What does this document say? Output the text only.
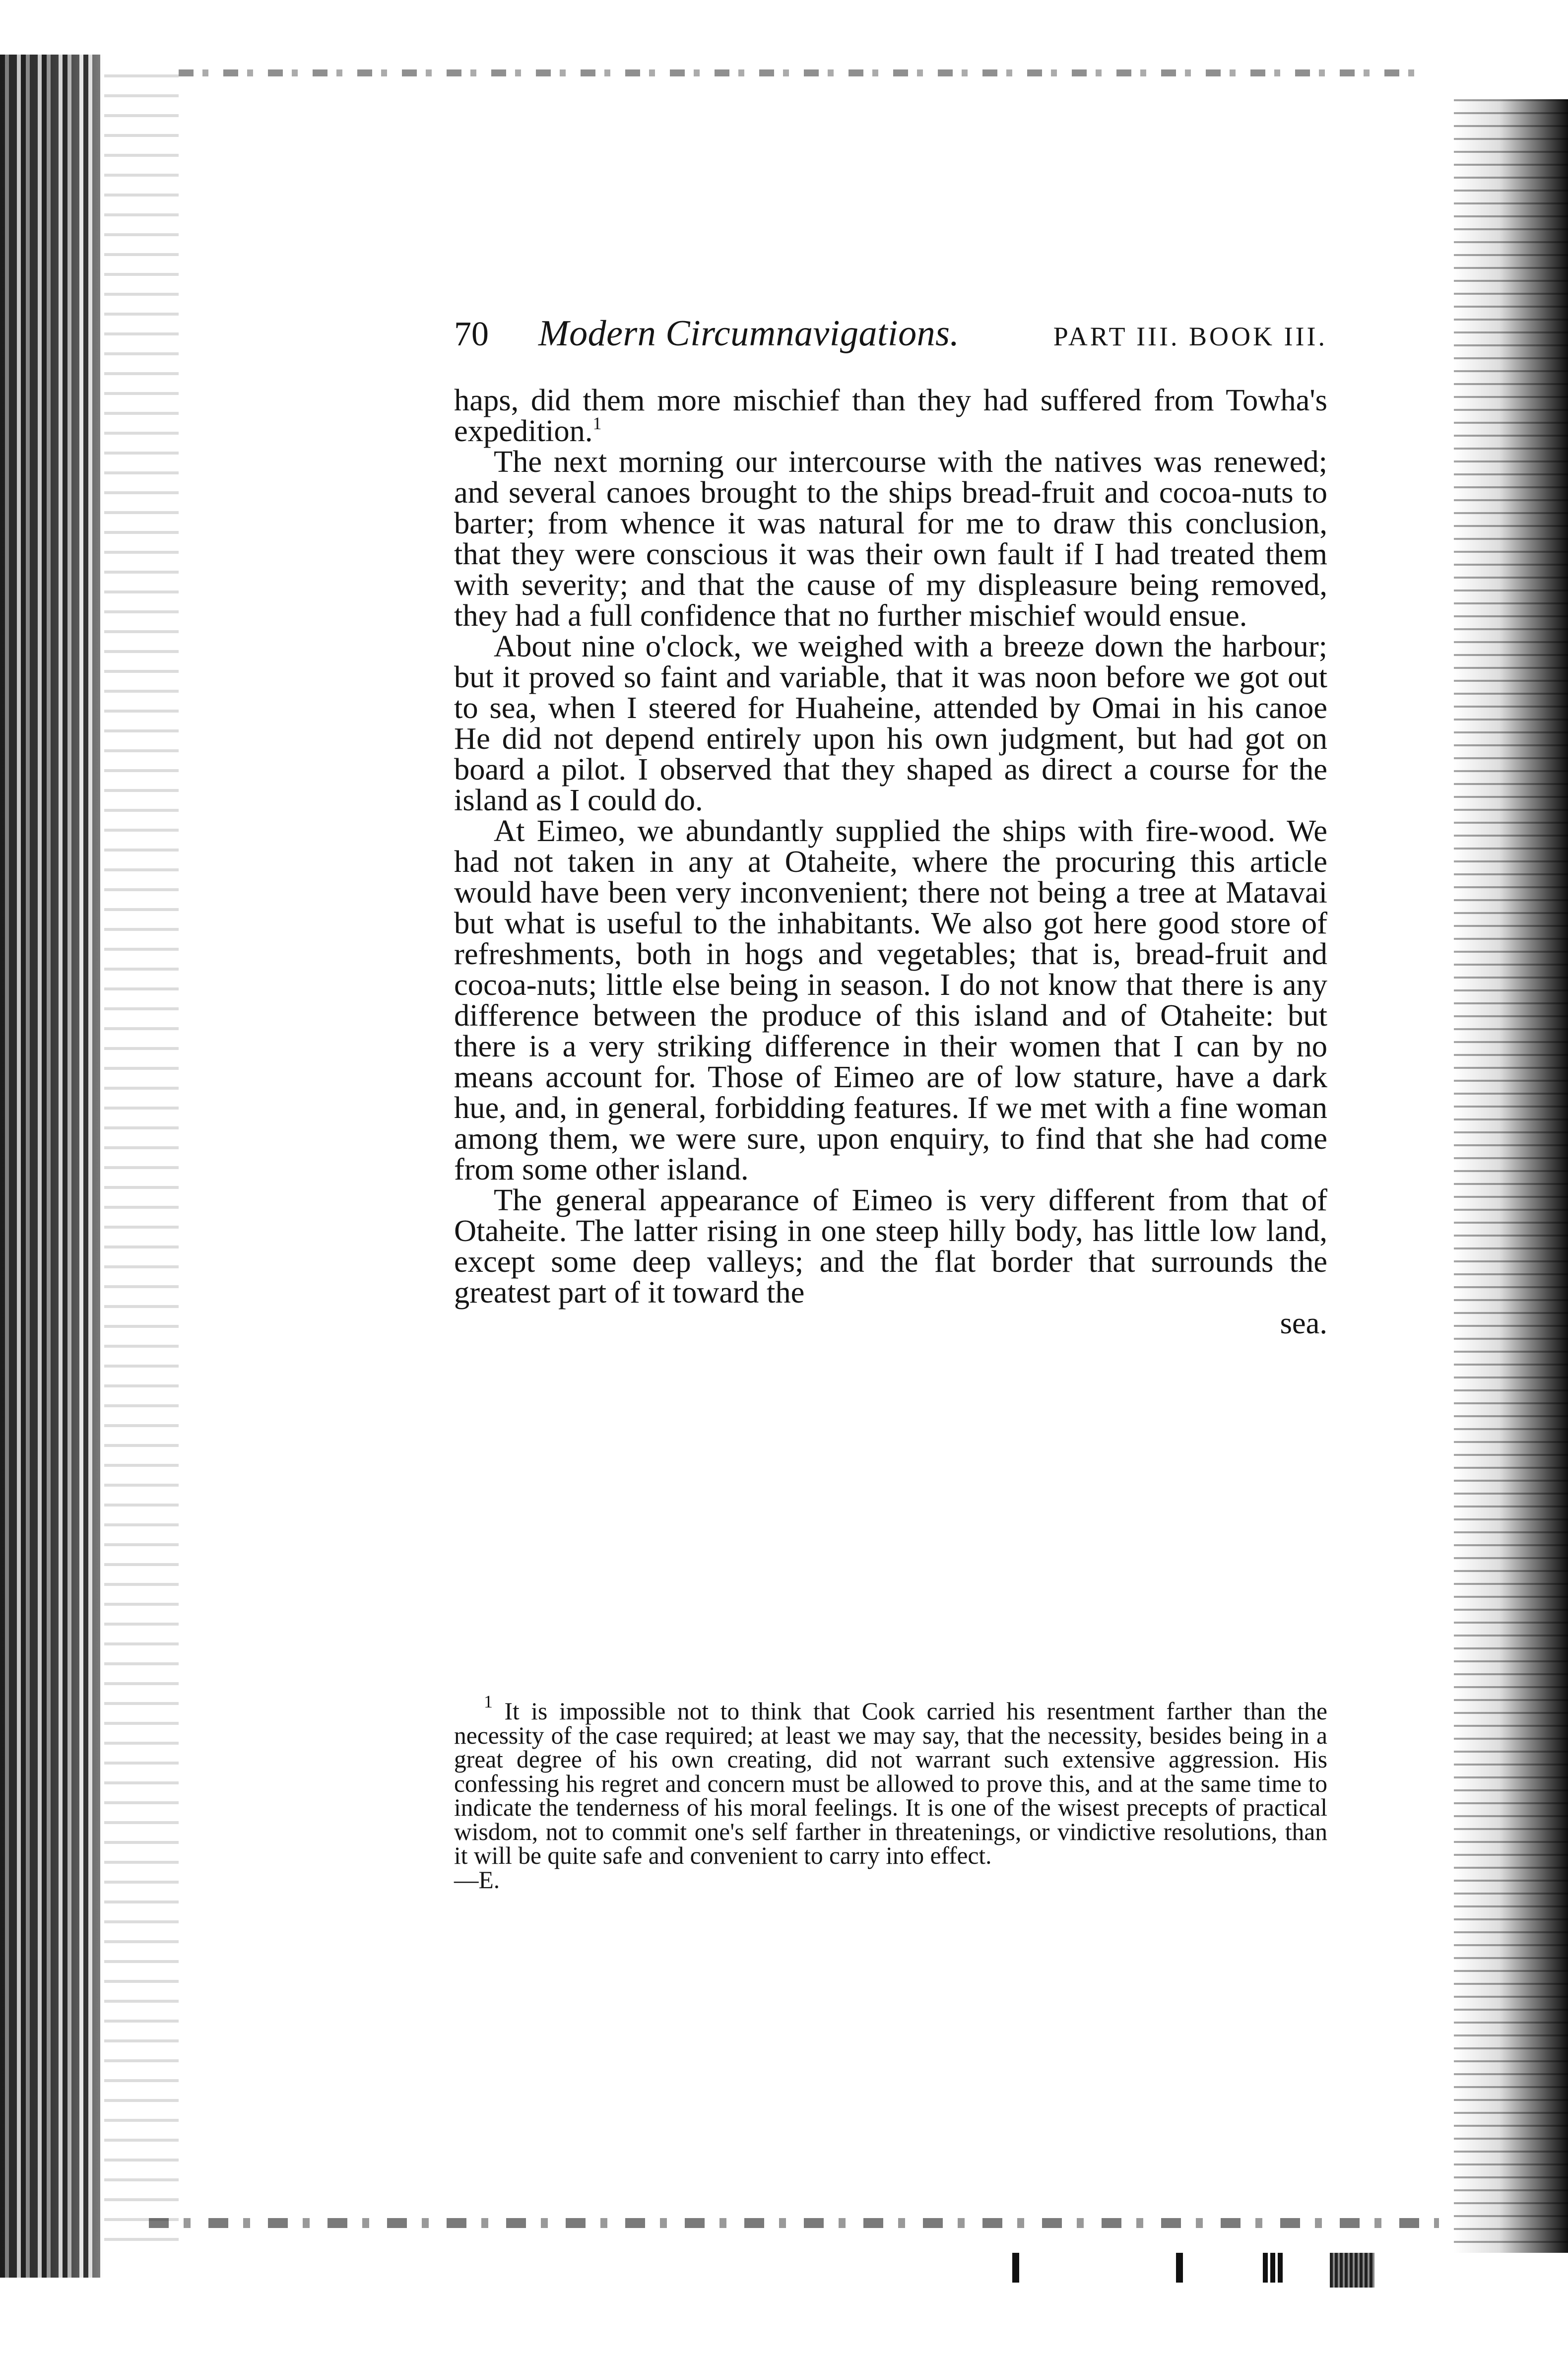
70	Modern Circumnavigations.	PART III. BOOK III.

haps, did them more mischief than they had suffered from Towha's expedition.$^1$

The next morning our intercourse with the natives was renewed; and several canoes brought to the ships bread-fruit and cocoa-nuts to barter; from whence it was natural for me to draw this conclusion, that they were conscious it was their own fault if I had treated them with severity; and that the cause of my displeasure being removed, they had a full confidence that no further mischief would ensue.

About nine o'clock, we weighed with a breeze down the harbour; but it proved so faint and variable, that it was noon before we got out to sea, when I steered for Huaheine, attended by Omai in his canoe He did not depend entirely upon his own judgment, but had got on board a pilot. I observed that they shaped as direct a course for the island as I could do.

At Eimeo, we abundantly supplied the ships with fire-wood. We had not taken in any at Otaheite, where the procuring this article would have been very inconvenient; there not being a tree at Matavai but what is useful to the inhabitants. We also got here good store of refreshments, both in hogs and vegetables; that is, bread-fruit and cocoa-nuts; little else being in season. I do not know that there is any difference between the produce of this island and of Otaheite: but there is a very striking difference in their women that I can by no means account for. Those of Eimeo are of low stature, have a dark hue, and, in general, forbidding features. If we met with a fine woman among them, we were sure, upon enquiry, to find that she had come from some other island.

The general appearance of Eimeo is very different from that of Otaheite. The latter rising in one steep hilly body, has little low land, except some deep valleys; and the flat border that surrounds the greatest part of it toward the

sea.

$^1$ It is impossible not to think that Cook carried his resentment farther than the necessity of the case required; at least we may say, that the necessity, besides being in a great degree of his own creating, did not warrant such extensive aggression. His confessing his regret and concern must be allowed to prove this, and at the same time to indicate the tenderness of his moral feelings. It is one of the wisest precepts of practical wisdom, not to commit one's self farther in threatenings, or vindictive resolutions, than it will be quite safe and convenient to carry into effect.

—E.
